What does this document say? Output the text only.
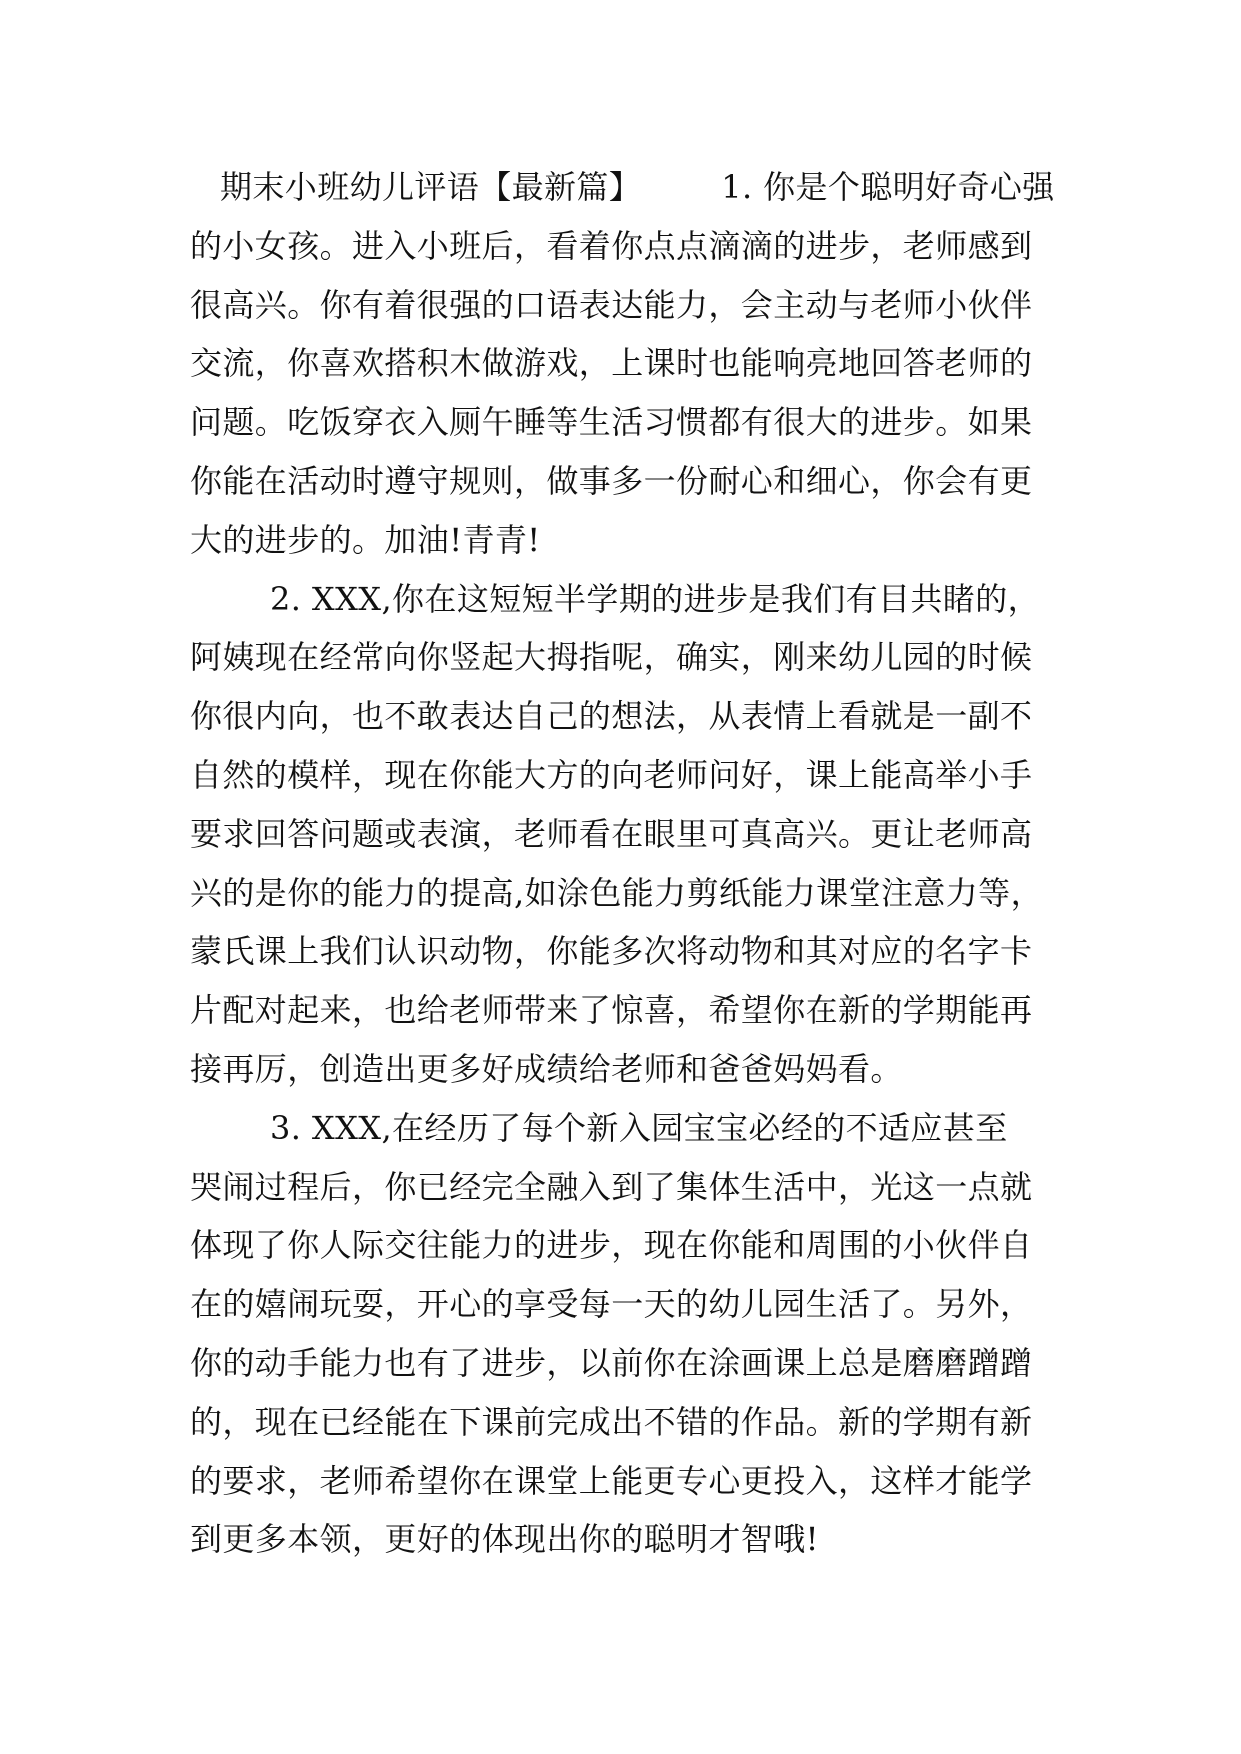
期末小班幼儿评语【最新篇】	1. 你是个聪明好奇心强
的小女孩。进入小班后，看着你点点滴滴的进步，老师感到
很高兴。你有着很强的口语表达能力，会主动与老师小伙伴
交流，你喜欢搭积木做游戏，上课时也能响亮地回答老师的
问题。吃饭穿衣入厕午睡等生活习惯都有很大的进步。如果
你能在活动时遵守规则，做事多一份耐心和细心，你会有更
大的进步的。加油!青青!
2. XXX,你在这短短半学期的进步是我们有目共睹的，
阿姨现在经常向你竖起大拇指呢，确实，刚来幼儿园的时候
你很内向，也不敢表达自己的想法，从表情上看就是一副不
自然的模样，现在你能大方的向老师问好，课上能高举小手
要求回答问题或表演，老师看在眼里可真高兴。更让老师高
兴的是你的能力的提高,如涂色能力剪纸能力课堂注意力等，
蒙氏课上我们认识动物，你能多次将动物和其对应的名字卡
片配对起来，也给老师带来了惊喜，希望你在新的学期能再
接再厉，创造出更多好成绩给老师和爸爸妈妈看。
3. XXX,在经历了每个新入园宝宝必经的不适应甚至
哭闹过程后，你已经完全融入到了集体生活中，光这一点就
体现了你人际交往能力的进步，现在你能和周围的小伙伴自
在的嬉闹玩耍，开心的享受每一天的幼儿园生活了。另外，
你的动手能力也有了进步，以前你在涂画课上总是磨磨蹭蹭
的，现在已经能在下课前完成出不错的作品。新的学期有新
的要求，老师希望你在课堂上能更专心更投入，这样才能学
到更多本领，更好的体现出你的聪明才智哦!
